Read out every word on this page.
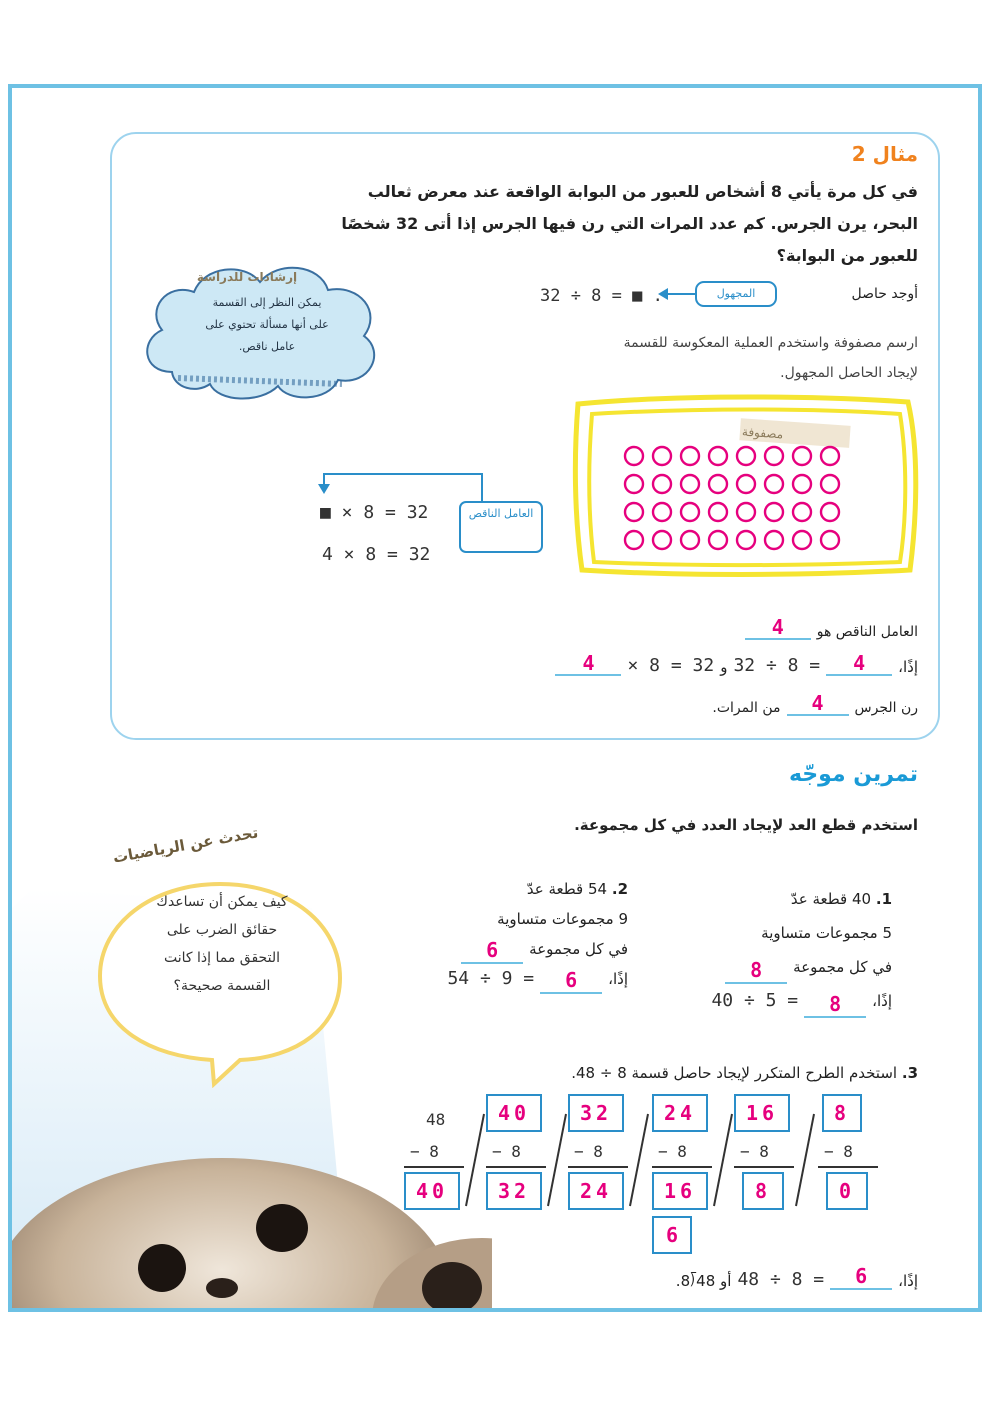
مثال 2
في كل مرة يأتي 8 أشخاص للعبور من البوابة الواقعة عند معرض ثعالب
البحر، يرن الجرس. كم عدد المرات التي رن فيها الجرس إذا أتى 32 شخصًا
للعبور من البوابة؟
أوجد حاصل
المجهول
32 ÷ 8 = ■ .
ارسم مصفوفة واستخدم العملية المعكوسة للقسمة
لإيجاد الحاصل المجهول.
إرشادات للدراسة
يمكن النظر إلى القسمة
على أنها مسألة تحتوي على
عامل ناقص.
مصفوفة
العامل الناقص
■ × 8 = 32
4 × 8 = 32
العامل الناقص هو
4
إذًا،
4
32 ÷ 8 =
و
× 8 = 32
4
رن الجرس
4
من المرات.
تمرين موجّه
استخدم قطع العد لإيجاد العدد في كل مجموعة.
تحدث عن الرياضيات
كيف يمكن أن تساعدك
حقائق الضرب على
التحقق مما إذا كانت
القسمة صحيحة؟
1. 40 قطعة عدّ
5 مجموعات متساوية
في كل مجموعة
8
إذًا،
8
40 ÷ 5 =
2. 54 قطعة عدّ
9 مجموعات متساوية
في كل مجموعة
6
إذًا،
6
54 ÷ 9 =
3. استخدم الطرح المتكرر لإيجاد حاصل قسمة 8 ÷ 48.
48
6
إذًا،
6
48 ÷ 8 =
أو 48⟌8.
− 8
40
40
− 8
32
32
− 8
24
24
− 8
16
16
− 8
8
8
− 8
0
